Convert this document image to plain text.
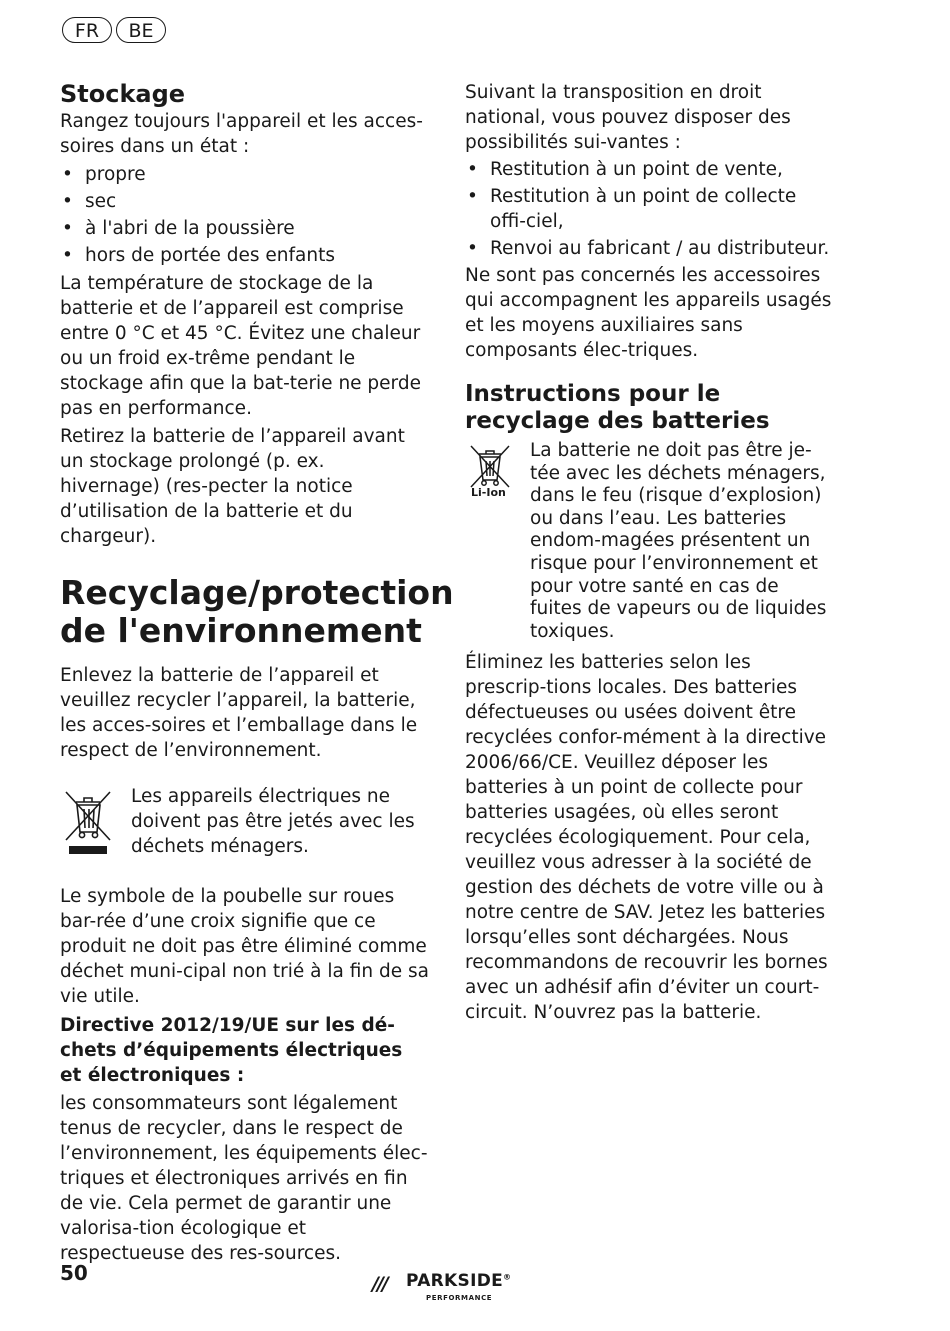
FR	BE
Stockage

Rangez toujours l'appareil et les acces-soires dans un état :

• propre
• sec
• à l'abri de la poussière
• hors de portée des enfants

La température de stockage de la batterie et de l’appareil est comprise entre 0 °C et 45 °C. Évitez une chaleur ou un froid ex-trême pendant le stockage afin que la bat-terie ne perde pas en performance.

Retirez la batterie de l’appareil avant un stockage prolongé (p. ex. hivernage) (res-pecter la notice d’utilisation de la batterie et du chargeur).

Recyclage/protection de l'environnement

Enlevez la batterie de l’appareil et veuillez recycler l’appareil, la batterie, les acces-soires et l’emballage dans le respect de l’environnement.

Les appareils électriques ne doivent pas être jetés avec les déchets ménagers.

Le symbole de la poubelle sur roues bar-rée d’une croix signifie que ce produit ne doit pas être éliminé comme déchet muni-cipal non trié à la fin de sa vie utile.

Directive 2012/19/UE sur les dé-chets d’équipements électriques et électroniques :

les consommateurs sont légalement tenus de recycler, dans le respect de l’environnement, les équipements élec-triques et électroniques arrivés en fin de vie. Cela permet de garantir une valorisa-tion écologique et respectueuse des res-sources.

Suivant la transposition en droit national, vous pouvez disposer des possibilités sui-vantes :

• Restitution à un point de vente,
• Restitution à un point de collecte offi-ciel,
• Renvoi au fabricant / au distributeur.

Ne sont pas concernés les accessoires qui accompagnent les appareils usagés et les moyens auxiliaires sans composants élec-triques.

Instructions pour le recyclage des batteries
Li-Ion

La batterie ne doit pas être je-tée avec les déchets ménagers, dans le feu (risque d’explosion) ou dans l’eau. Les batteries endom-magées présentent un risque pour l’environnement et pour votre santé en cas de fuites de vapeurs ou de liquides toxiques.

Éliminez les batteries selon les prescrip-tions locales. Des batteries défectueuses ou usées doivent être recyclées confor-mément à la directive 2006/66/CE. Veuillez déposer les batteries à un point de collecte pour batteries usagées, où elles seront recyclées écologiquement. Pour cela, veuillez vous adresser à la société de gestion des déchets de votre ville ou à notre centre de SAV. Jetez les batteries lorsqu’elles sont déchargées. Nous recommandons de recouvrir les bornes avec un adhésif afin d’éviter un court-circuit. N’ouvrez pas la batterie.

50	/// PARKSIDE®
PERFORMANCE
